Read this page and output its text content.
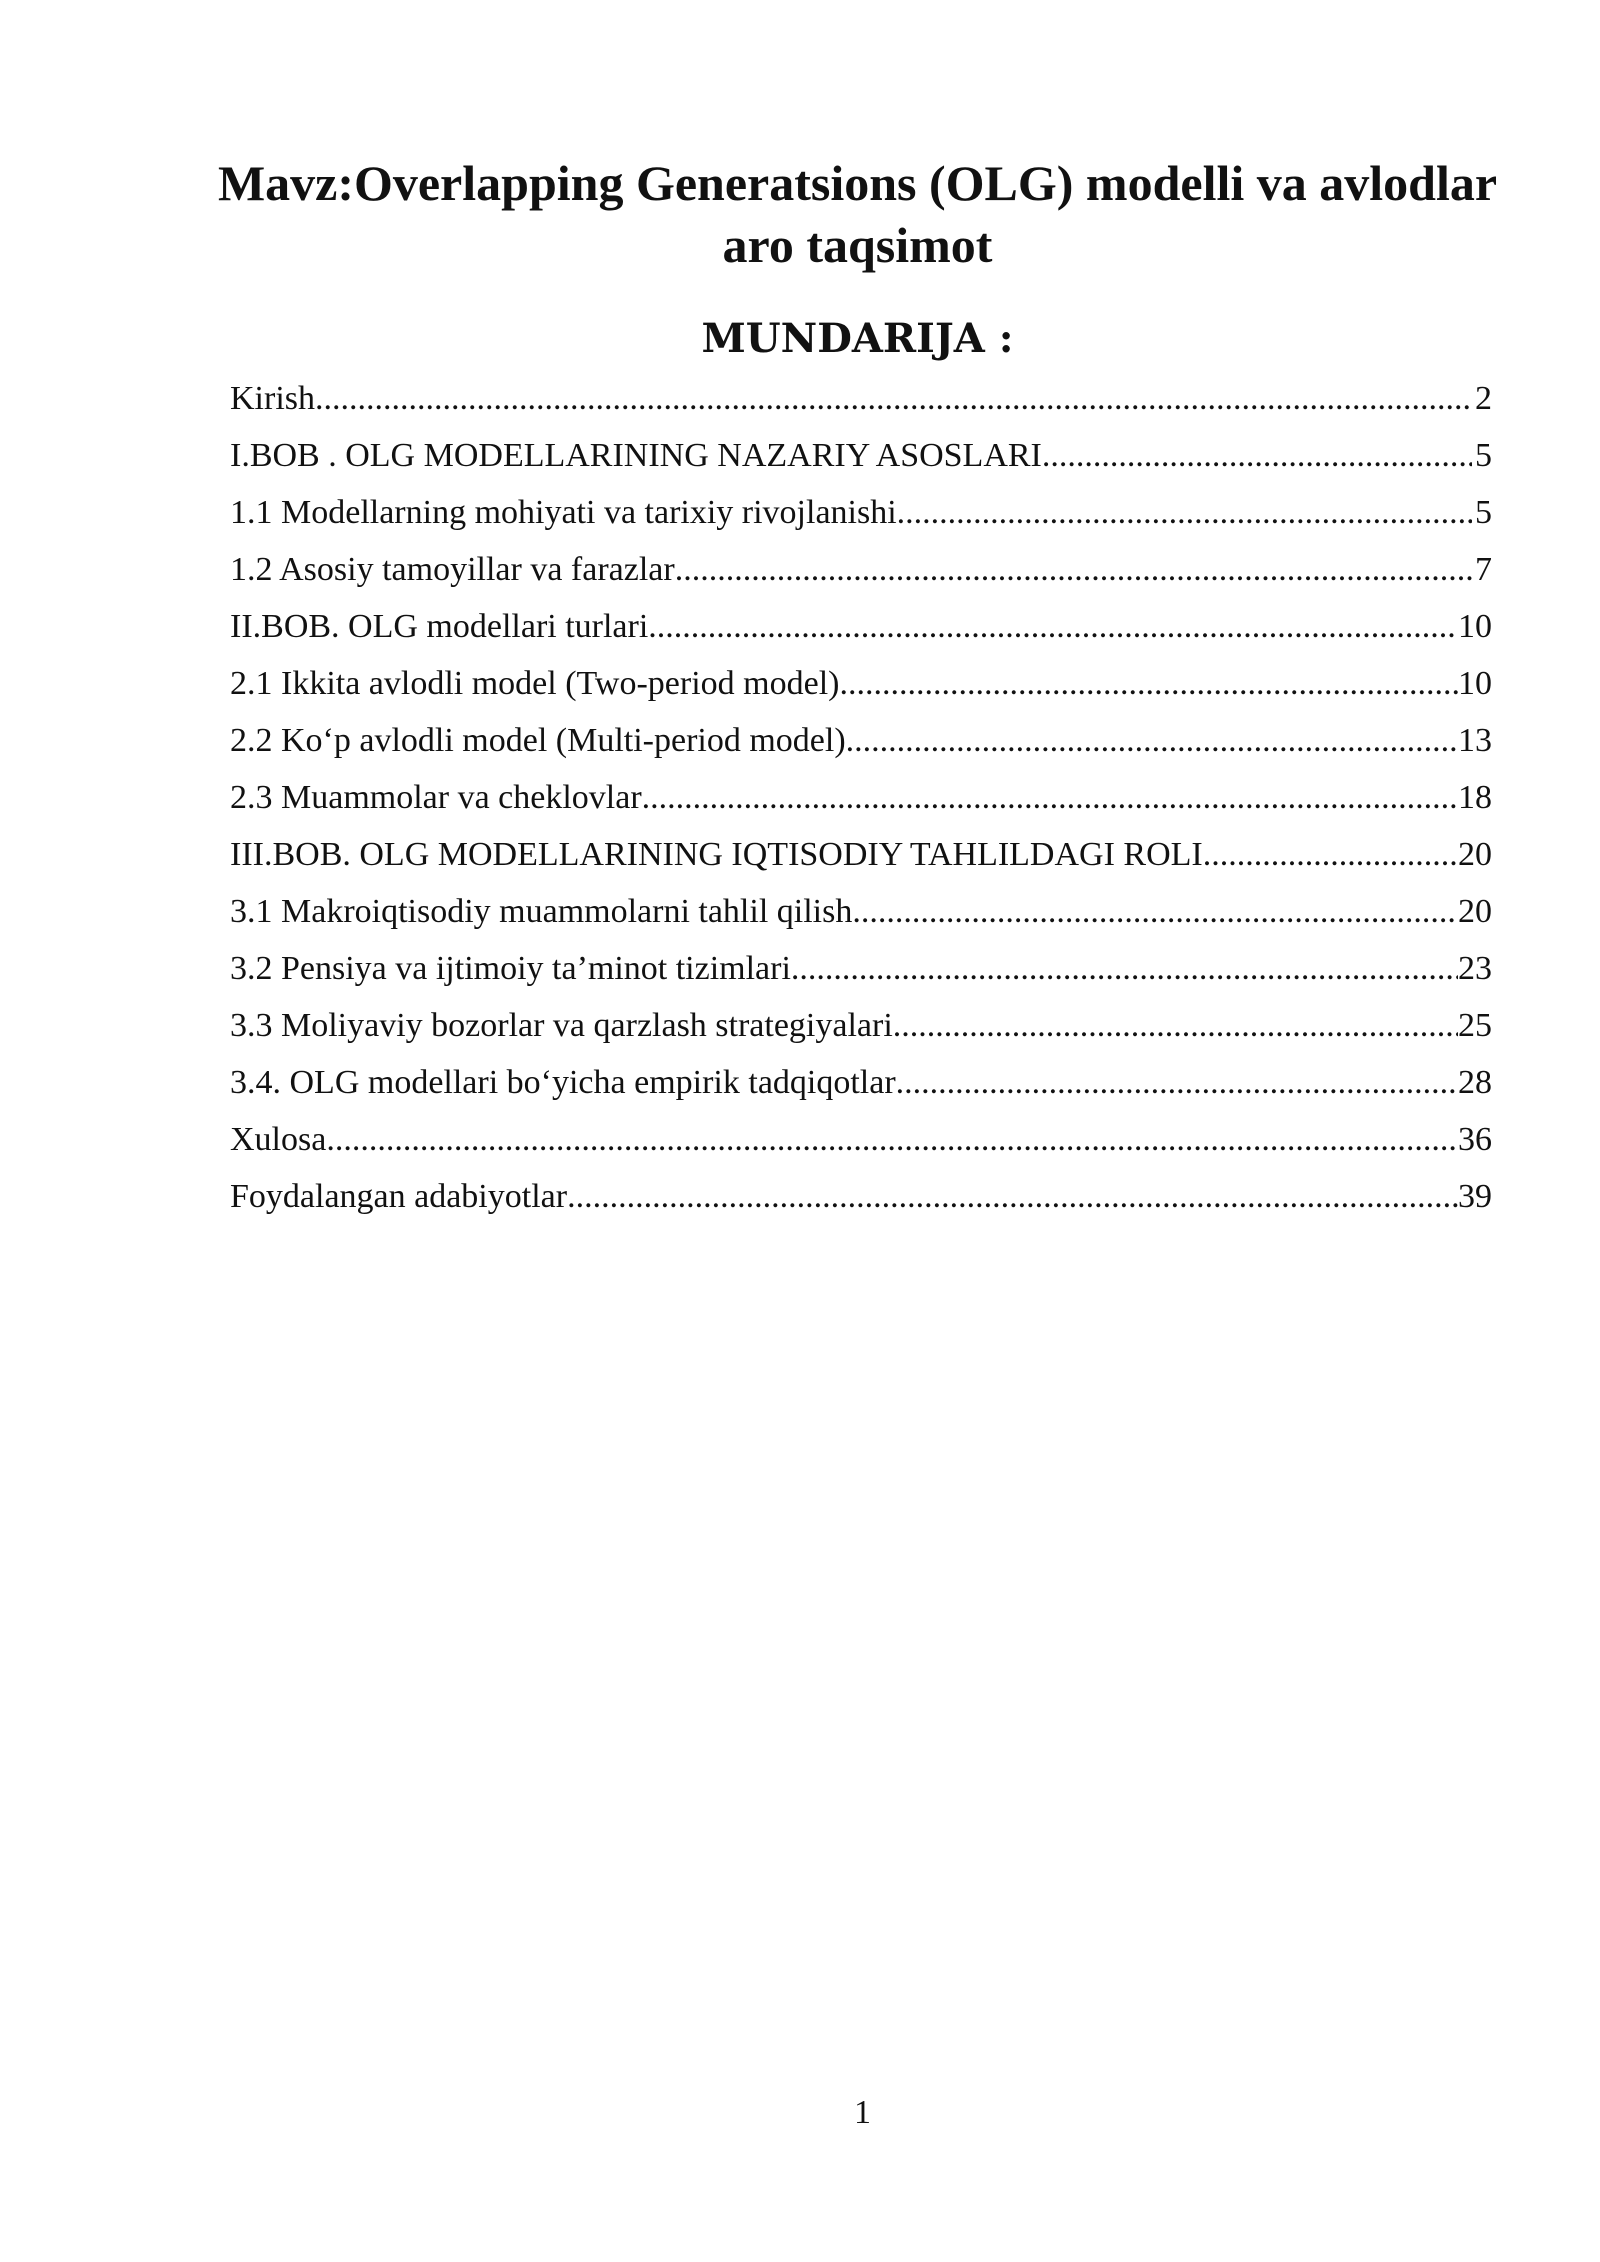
Mavz:Overlapping Generatsions (OLG) modelli va avlodlar aro taqsimot
MUNDARIJA :
Kirish .....	2
I.BOB . OLG MODELLARINING NAZARIY ASOSLARI .....	5
1.1 Modellarning mohiyati va tarixiy rivojlanishi .....	5
1.2 Asosiy tamoyillar va farazlar .....	7
II.BOB. OLG modellari turlari .....	10
2.1 Ikkita avlodli model (Two-period model) .....	10
2.2 Ko‘p avlodli model (Multi-period model) .....	13
2.3 Muammolar va cheklovlar .....	18
III.BOB. OLG MODELLARINING IQTISODIY TAHLILDAGI ROLI .....	20
3.1 Makroiqtisodiy muammolarni tahlil qilish .....	20
3.2 Pensiya va ijtimoiy ta’minot tizimlari .....	23
3.3 Moliyaviy bozorlar va qarzlash strategiyalari .....	25
3.4. OLG modellari bo‘yicha empirik tadqiqotlar .....	28
Xulosa .....	36
Foydalangan adabiyotlar .....	39
1
